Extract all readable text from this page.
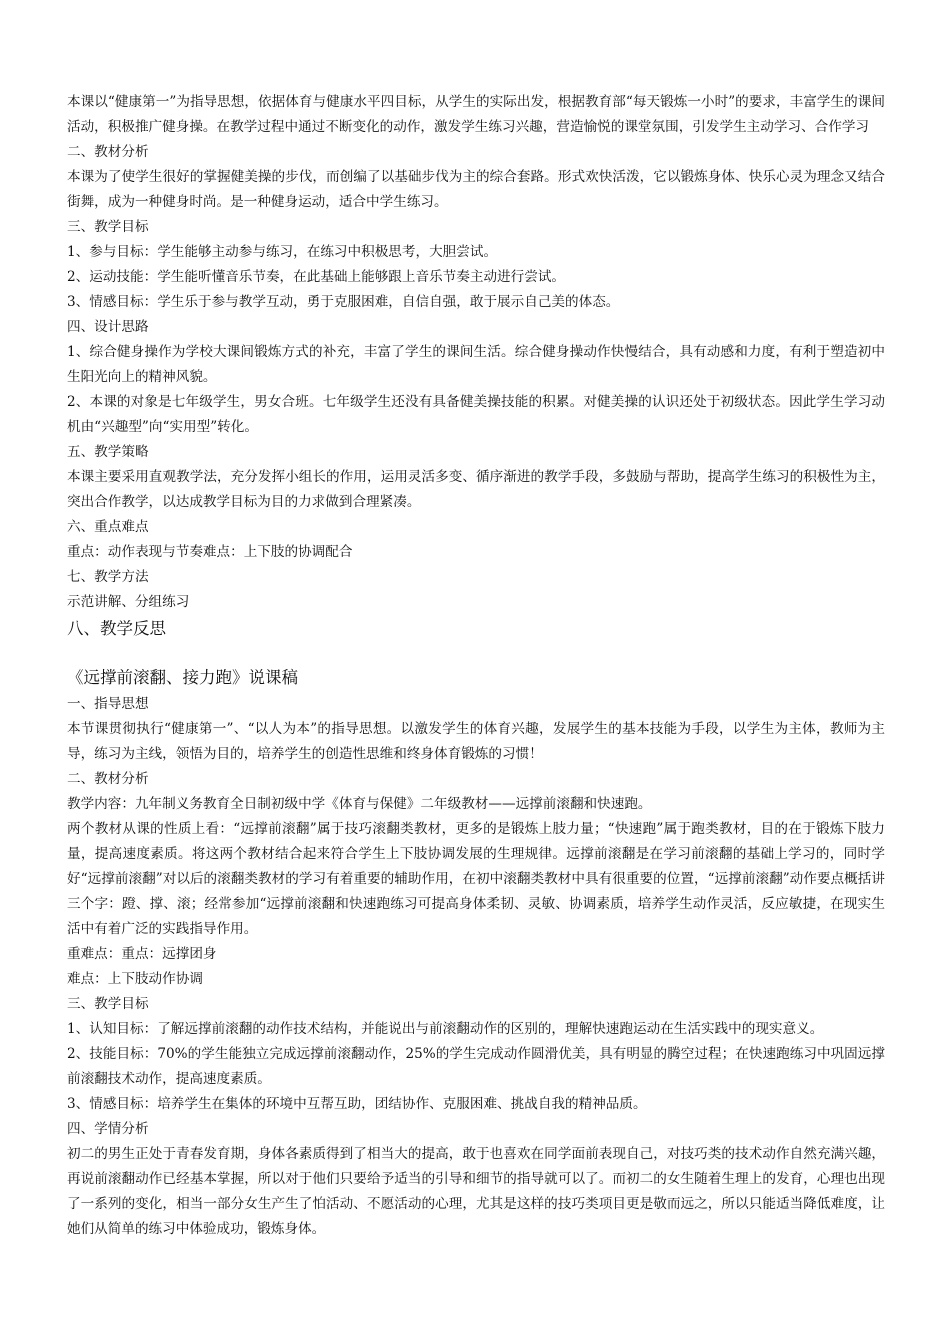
本课以“健康第一”为指导思想，依据体育与健康水平四目标，从学生的实际出发，根据教育部“每天锻炼一小时”的要求，丰富学生的课间活动，积极推广健身操。在教学过程中通过不断变化的动作，激发学生练习兴趣，营造愉悦的课堂氛围，引发学生主动学习、合作学习

二、教材分析

本课为了使学生很好的掌握健美操的步伐，而创编了以基础步伐为主的综合套路。形式欢快活泼，它以锻炼身体、快乐心灵为理念又结合街舞，成为一种健身时尚。是一种健身运动，适合中学生练习。

三、教学目标

1、参与目标：学生能够主动参与练习，在练习中积极思考，大胆尝试。

2、运动技能：学生能听懂音乐节奏，在此基础上能够跟上音乐节奏主动进行尝试。

3、情感目标：学生乐于参与教学互动，勇于克服困难，自信自强，敢于展示自己美的体态。

四、设计思路

1、综合健身操作为学校大课间锻炼方式的补充，丰富了学生的课间生活。综合健身操动作快慢结合，具有动感和力度，有利于塑造初中生阳光向上的精神风貌。

2、本课的对象是七年级学生，男女合班。七年级学生还没有具备健美操技能的积累。对健美操的认识还处于初级状态。因此学生学习动机由“兴趣型”向“实用型”转化。

五、教学策略

本课主要采用直观教学法，充分发挥小组长的作用，运用灵活多变、循序渐进的教学手段，多鼓励与帮助，提高学生练习的积极性为主，突出合作教学，以达成教学目标为目的力求做到合理紧凑。

六、重点难点

重点：动作表现与节奏难点：上下肢的协调配合

七、教学方法

示范讲解、分组练习

八、教学反思

《远撑前滚翻、接力跑》说课稿

一、指导思想

本节课贯彻执行“健康第一”、“以人为本”的指导思想。以激发学生的体育兴趣，发展学生的基本技能为手段，以学生为主体，教师为主导，练习为主线，领悟为目的，培养学生的创造性思维和终身体育锻炼的习惯！

二、教材分析

教学内容：九年制义务教育全日制初级中学《体育与保健》二年级教材——远撑前滚翻和快速跑。

两个教材从课的性质上看：“远撑前滚翻”属于技巧滚翻类教材，更多的是锻炼上肢力量；“快速跑”属于跑类教材，目的在于锻炼下肢力量，提高速度素质。将这两个教材结合起来符合学生上下肢协调发展的生理规律。远撑前滚翻是在学习前滚翻的基础上学习的，同时学好“远撑前滚翻”对以后的滚翻类教材的学习有着重要的辅助作用，在初中滚翻类教材中具有很重要的位置，“远撑前滚翻”动作要点概括讲三个字：蹬、撑、滚；经常参加“远撑前滚翻和快速跑练习可提高身体柔韧、灵敏、协调素质，培养学生动作灵活，反应敏捷，在现实生活中有着广泛的实践指导作用。

重难点：重点：远撑团身

难点：上下肢动作协调

三、教学目标

1、认知目标：了解远撑前滚翻的动作技术结构，并能说出与前滚翻动作的区别的，理解快速跑运动在生活实践中的现实意义。

2、技能目标：70%的学生能独立完成远撑前滚翻动作，25%的学生完成动作圆滑优美，具有明显的腾空过程；在快速跑练习中巩固远撑前滚翻技术动作，提高速度素质。

3、情感目标：培养学生在集体的环境中互帮互助，团结协作、克服困难、挑战自我的精神品质。

四、学情分析

初二的男生正处于青春发育期，身体各素质得到了相当大的提高，敢于也喜欢在同学面前表现自己，对技巧类的技术动作自然充满兴趣，再说前滚翻动作已经基本掌握，所以对于他们只要给予适当的引导和细节的指导就可以了。而初二的女生随着生理上的发育，心理也出现了一系列的变化，相当一部分女生产生了怕活动、不愿活动的心理，尤其是这样的技巧类项目更是敬而远之，所以只能适当降低难度，让她们从简单的练习中体验成功，锻炼身体。
